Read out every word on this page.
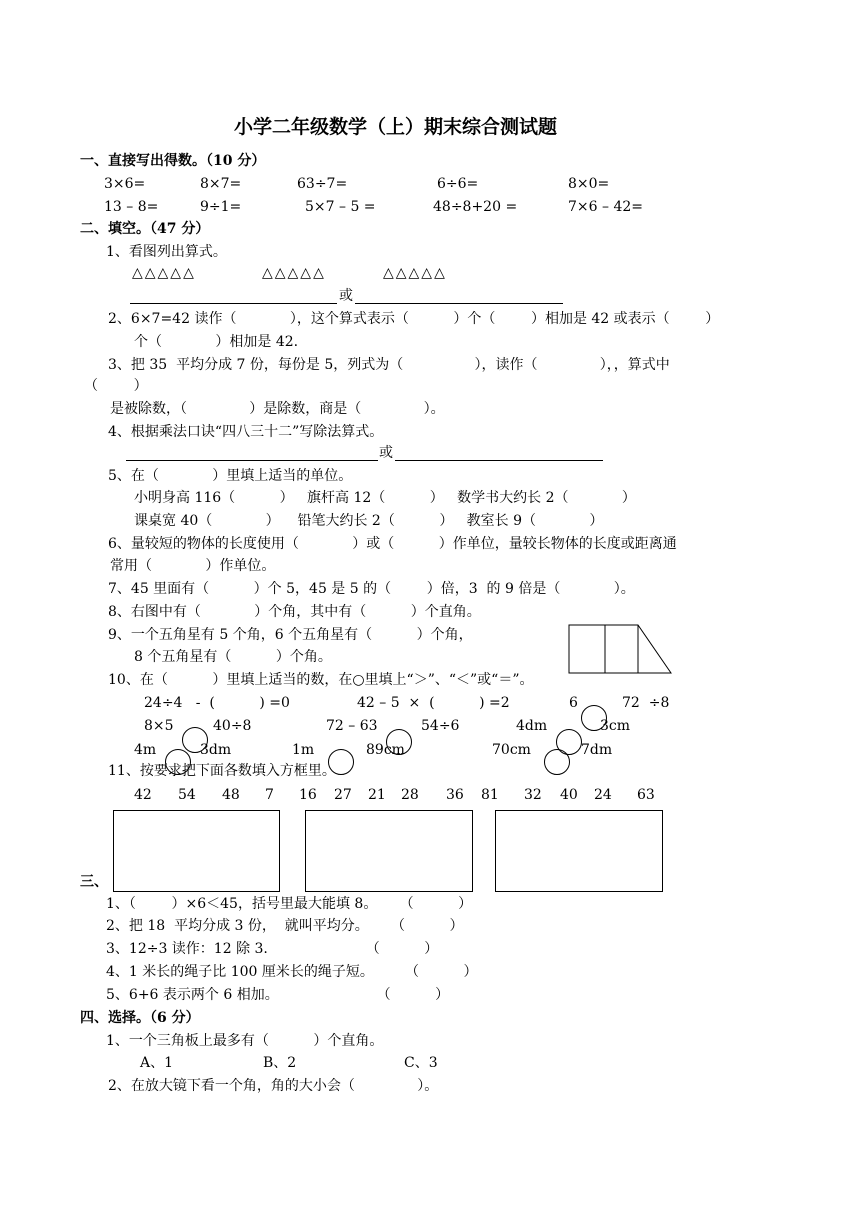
小学二年级数学（上）期末综合测试题
一、直接写出得数。（10 分）
3×6=	8×7=	63÷7=	6÷6=	8×0=
13 – 8=	9÷1=	5×7 – 5 =	48÷8+20 =	7×6 – 42=
二、填空。（47 分）
1、看图列出算式。
△△△△△	△△△△△	△△△△△
或
2、6×7=42 读作（            ），这个算式表示（          ）个（        ）相加是 42 或表示（        ）
个（            ）相加是 42.
3、把 35  平均分成 7 份，每份是 5，列式为（                ），读作（              ），，算式中
（        ）
是被除数，（              ）是除数，商是（              ）。
4、根据乘法口诀“四八三十二”写除法算式。
或
5、在（            ）里填上适当的单位。
小明身高 116（          ）   旗杆高 12（          ）   数学书大约长 2（            ）
课桌宽 40（            ）    铅笔大约长 2（          ）   教室长 9（            ）
6、量较短的物体的长度使用（            ）或（          ）作单位，量较长物体的长度或距离通
常用（            ）作单位。
7、45 里面有（          ）个 5，45 是 5 的（        ）倍，3  的 9 倍是（            ）。
8、右图中有（            ）个角，其中有（          ）个直角。
9、一个五角星有 5 个角，6 个五角星有（          ）个角，
8 个五角星有（          ）个角。
10、在（          ）里填上适当的数，在○里填上“＞”、“＜”或“＝”。
24÷4   -  (          ) =0	42 – 5  ×  (          ) =2	6	72  ÷8
8×5	40÷8	72 – 63	54÷6	4dm	3cm
4m	3dm	1m	89cm	70cm	7dm
11、按要求把下面各数填入方框里。
42 54 48 7 16 27 21 28 36 81 32 40 24 63
三、
1、（        ）×6＜45，括号里最大能填 8。     （          ）
2、把 18  平均分成 3 份，  就叫平均分。     （          ）
3、12÷3 读作：12 除 3.                      （          ）
4、1 米长的绳子比 100 厘米长的绳子短。       （          ）
5、6+6 表示两个 6 相加。                      （          ）
四、选择。（6 分）
1、一个三角板上最多有（          ）个直角。
A、1	B、2	C、3
2、在放大镜下看一个角，角的大小会（              ）。
